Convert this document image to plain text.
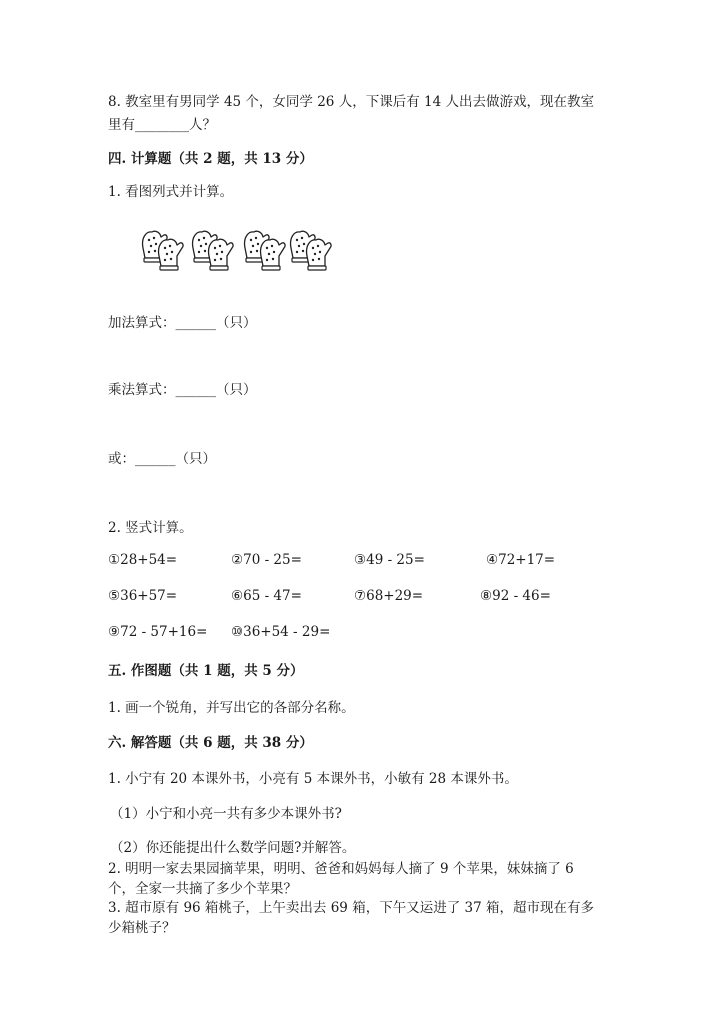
8. 教室里有男同学 45 个，女同学 26 人，下课后有 14 人出去做游戏，现在教室
里有________人？
四. 计算题（共 2 题，共 13 分）
1. 看图列式并计算。
加法算式：______（只）
乘法算式：______（只）
或：______（只）
2. 竖式计算。
①28+54=	②70 - 25=	③49 - 25=	④72+17=
⑤36+57=	⑥65 - 47=	⑦68+29=	⑧92 - 46=
⑨72 - 57+16= ⑩36+54 - 29=
五. 作图题（共 1 题，共 5 分）
1. 画一个锐角，并写出它的各部分名称。
六. 解答题（共 6 题，共 38 分）
1. 小宁有 20 本课外书，小亮有 5 本课外书，小敏有 28 本课外书。
（1）小宁和小亮一共有多少本课外书?
（2）你还能提出什么数学问题?并解答。
2. 明明一家去果园摘苹果，明明、爸爸和妈妈每人摘了 9 个苹果，妹妹摘了 6
个，全家一共摘了多少个苹果？
3. 超市原有 96 箱桃子，上午卖出去 69 箱，下午又运进了 37 箱，超市现在有多
少箱桃子？
